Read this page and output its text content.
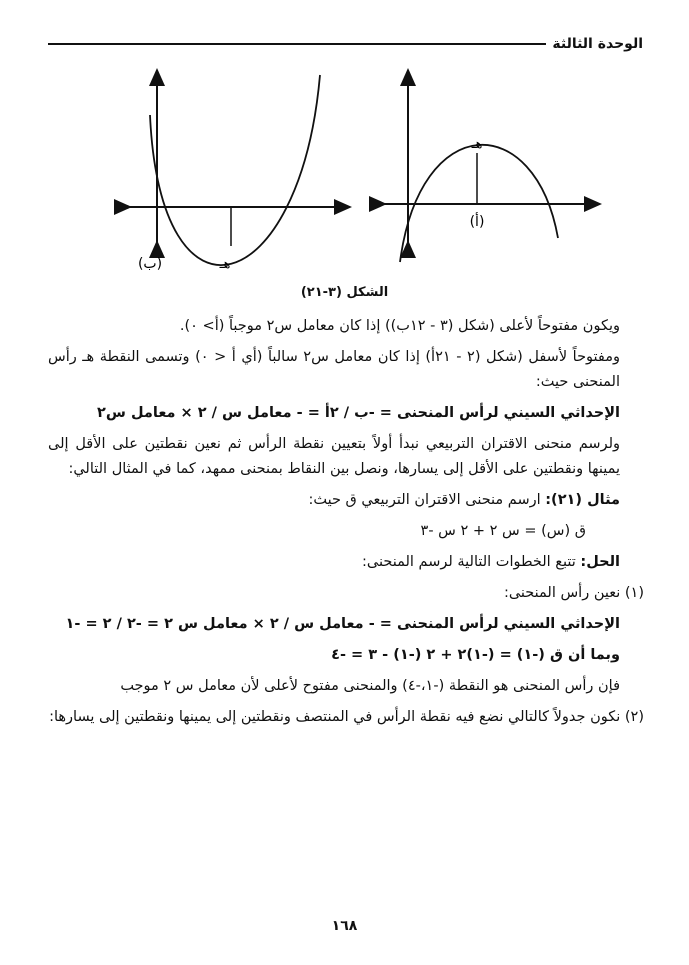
الوحدة الثالثة
هـ
(ب)
هـ
(أ)
الشكل (٣-٢١)

ويكون مفتوحاً لأعلى (شكل (٣ - ١٢ب)) إذا كان معامل س٢ موجباً (أ> ٠).

ومفتوحاً لأسفل (شكل (٢ - ٢١أ) إذا كان معامل س٢ سالباً (أي أ < ٠) وتسمى النقطة هـ رأس المنحنى حيث:

الإحداثي السيني لرأس المنحنى = -ب / ٢أ = - معامل س / ٢ × معامل س٢

ولرسم منحنى الاقتران التربيعي نبدأ أولاً بتعيين نقطة الرأس ثم نعين نقطتين على الأقل إلى يمينها ونقطتين على الأقل إلى يسارها، ونصل بين النقاط بمنحنى ممهد، كما في المثال التالي:

مثال (٢١): ارسم منحنى الاقتران التربيعي ق حيث:

ق (س) = س ٢ + ٢ س -٣

الحل: تتبع الخطوات التالية لرسم المنحنى:

(١) نعين رأس المنحنى:

الإحداثي السيني لرأس المنحنى = - معامل س / ٢ × معامل س ٢ = -٢ / ٢ = -١

وبما أن ق (-١) = (-١)٢ + ٢ (-١) - ٣ = -٤

فإن رأس المنحنى هو النقطة (-١،-٤) والمنحنى مفتوح لأعلى لأن معامل س ٢ موجب

(٢) نكون جدولاً كالتالي نضع فيه نقطة الرأس في المنتصف ونقطتين إلى يمينها ونقطتين إلى يسارها:

١٦٨
